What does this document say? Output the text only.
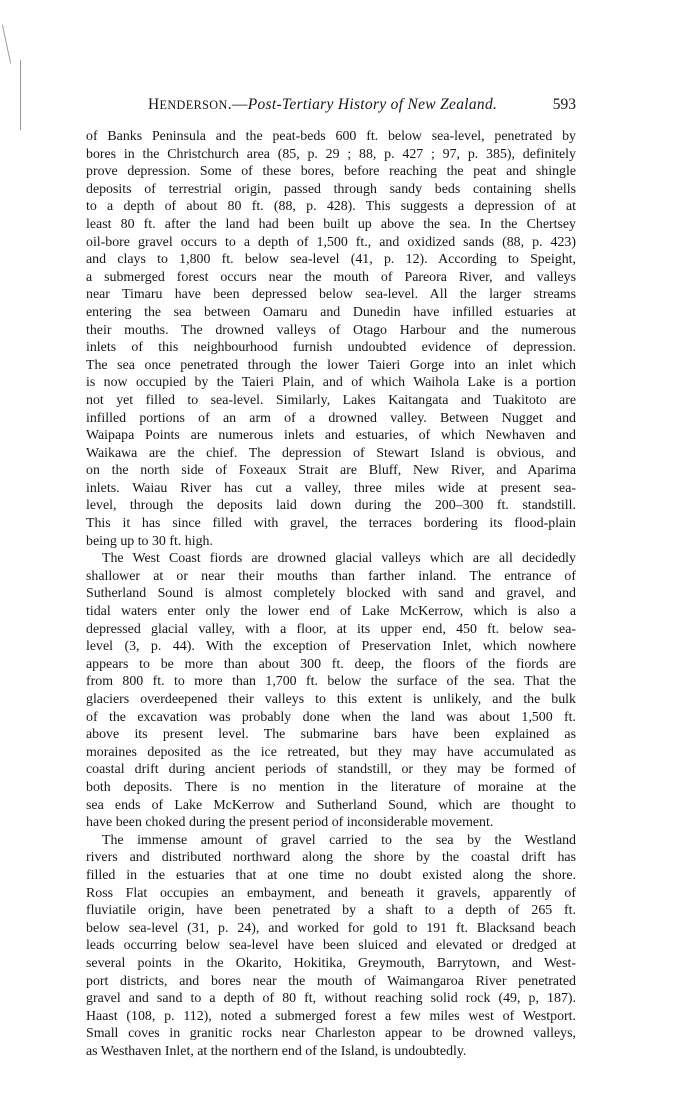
HENDERSON.—Post-Tertiary History of New Zealand.	593

of Banks Peninsula and the peat-beds 600 ft. below sea-level, penetrated by

bores in the Christchurch area (85, p. 29 ; 88, p. 427 ; 97, p. 385), definitely

prove depression. Some of these bores, before reaching the peat and shingle

deposits of terrestrial origin, passed through sandy beds containing shells

to a depth of about 80 ft. (88, p. 428). This suggests a depression of at

least 80 ft. after the land had been built up above the sea. In the Chertsey

oil-bore gravel occurs to a depth of 1,500 ft., and oxidized sands (88, p. 423)

and clays to 1,800 ft. below sea-level (41, p. 12). According to Speight,

a submerged forest occurs near the mouth of Pareora River, and valleys

near Timaru have been depressed below sea-level. All the larger streams

entering the sea between Oamaru and Dunedin have infilled estuaries at

their mouths. The drowned valleys of Otago Harbour and the numerous

inlets of this neighbourhood furnish undoubted evidence of depression.

The sea once penetrated through the lower Taieri Gorge into an inlet which

is now occupied by the Taieri Plain, and of which Waihola Lake is a portion

not yet filled to sea-level. Similarly, Lakes Kaitangata and Tuakitoto are

infilled portions of an arm of a drowned valley. Between Nugget and

Waipapa Points are numerous inlets and estuaries, of which Newhaven and

Waikawa are the chief. The depression of Stewart Island is obvious, and

on the north side of Foxeaux Strait are Bluff, New River, and Aparima

inlets. Waiau River has cut a valley, three miles wide at present sea-

level, through the deposits laid down during the 200–300 ft. standstill.

This it has since filled with gravel, the terraces bordering its flood-plain

being up to 30 ft. high.

The West Coast fiords are drowned glacial valleys which are all decidedly

shallower at or near their mouths than farther inland. The entrance of

Sutherland Sound is almost completely blocked with sand and gravel, and

tidal waters enter only the lower end of Lake McKerrow, which is also a

depressed glacial valley, with a floor, at its upper end, 450 ft. below sea-

level (3, p. 44). With the exception of Preservation Inlet, which nowhere

appears to be more than about 300 ft. deep, the floors of the fiords are

from 800 ft. to more than 1,700 ft. below the surface of the sea. That the

glaciers overdeepened their valleys to this extent is unlikely, and the bulk

of the excavation was probably done when the land was about 1,500 ft.

above its present level. The submarine bars have been explained as

moraines deposited as the ice retreated, but they may have accumulated as

coastal drift during ancient periods of standstill, or they may be formed of

both deposits. There is no mention in the literature of moraine at the

sea ends of Lake McKerrow and Sutherland Sound, which are thought to

have been choked during the present period of inconsiderable movement.

The immense amount of gravel carried to the sea by the Westland

rivers and distributed northward along the shore by the coastal drift has

filled in the estuaries that at one time no doubt existed along the shore.

Ross Flat occupies an embayment, and beneath it gravels, apparently of

fluviatile origin, have been penetrated by a shaft to a depth of 265 ft.

below sea-level (31, p. 24), and worked for gold to 191 ft. Blacksand beach

leads occurring below sea-level have been sluiced and elevated or dredged at

several points in the Okarito, Hokitika, Greymouth, Barrytown, and West-

port districts, and bores near the mouth of Waimangaroa River penetrated

gravel and sand to a depth of 80 ft, without reaching solid rock (49, p, 187).

Haast (108, p. 112), noted a submerged forest a few miles west of Westport.

Small coves in granitic rocks near Charleston appear to be drowned valleys,

as Westhaven Inlet, at the northern end of the Island, is undoubtedly.
